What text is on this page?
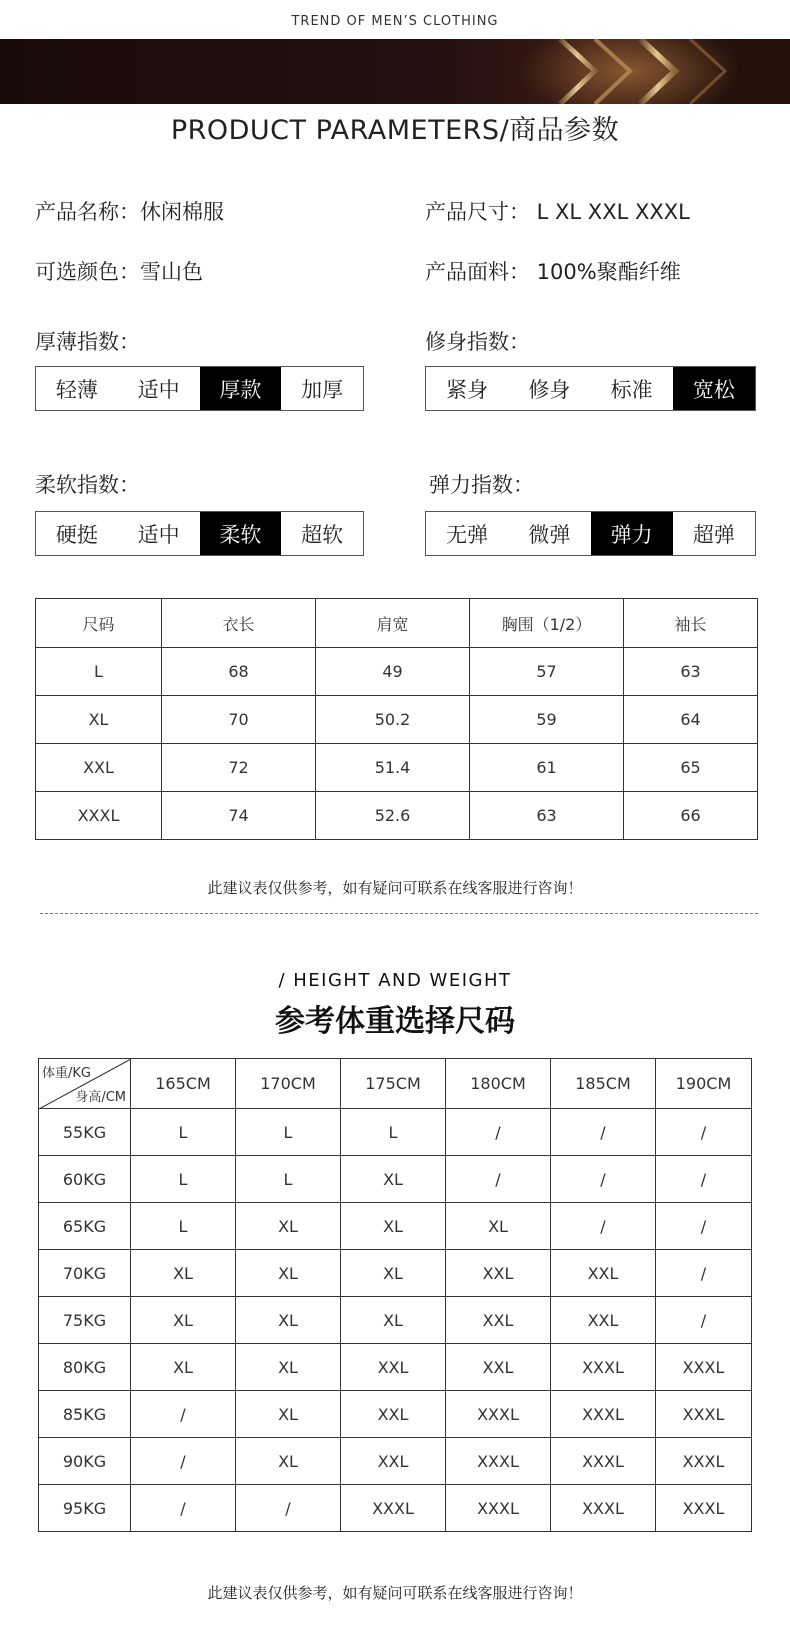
TREND OF MEN’S CLOTHING
PRODUCT PARAMETERS/商品参数
产品名称：休闲棉服	产品尺寸： L XL XXL XXXL
可选颜色：雪山色	产品面料： 100%聚酯纤维
厚薄指数：
轻薄	适中	厚款	加厚
修身指数：
紧身	修身	标准	宽松
柔软指数：
硬挺	适中	柔软	超软
弹力指数：
无弹	微弹	弹力	超弹
尺码	衣长	肩宽	胸围（1/2）	袖长
L	68	49	57	63
XL	70	50.2	59	64
XXL	72	51.4	61	65
XXXL	74	52.6	63	66
此建议表仅供参考，如有疑问可联系在线客服进行咨询！
/ HEIGHT AND WEIGHT
参考体重选择尺码
体重/KG
身高/CM	165CM	170CM	175CM	180CM	185CM	190CM
55KG	L	L	L	/	/	/
60KG	L	L	XL	/	/	/
65KG	L	XL	XL	XL	/	/
70KG	XL	XL	XL	XXL	XXL	/
75KG	XL	XL	XL	XXL	XXL	/
80KG	XL	XL	XXL	XXL	XXXL	XXXL
85KG	/	XL	XXL	XXXL	XXXL	XXXL
90KG	/	XL	XXL	XXXL	XXXL	XXXL
95KG	/	/	XXXL	XXXL	XXXL	XXXL
此建议表仅供参考，如有疑问可联系在线客服进行咨询！
